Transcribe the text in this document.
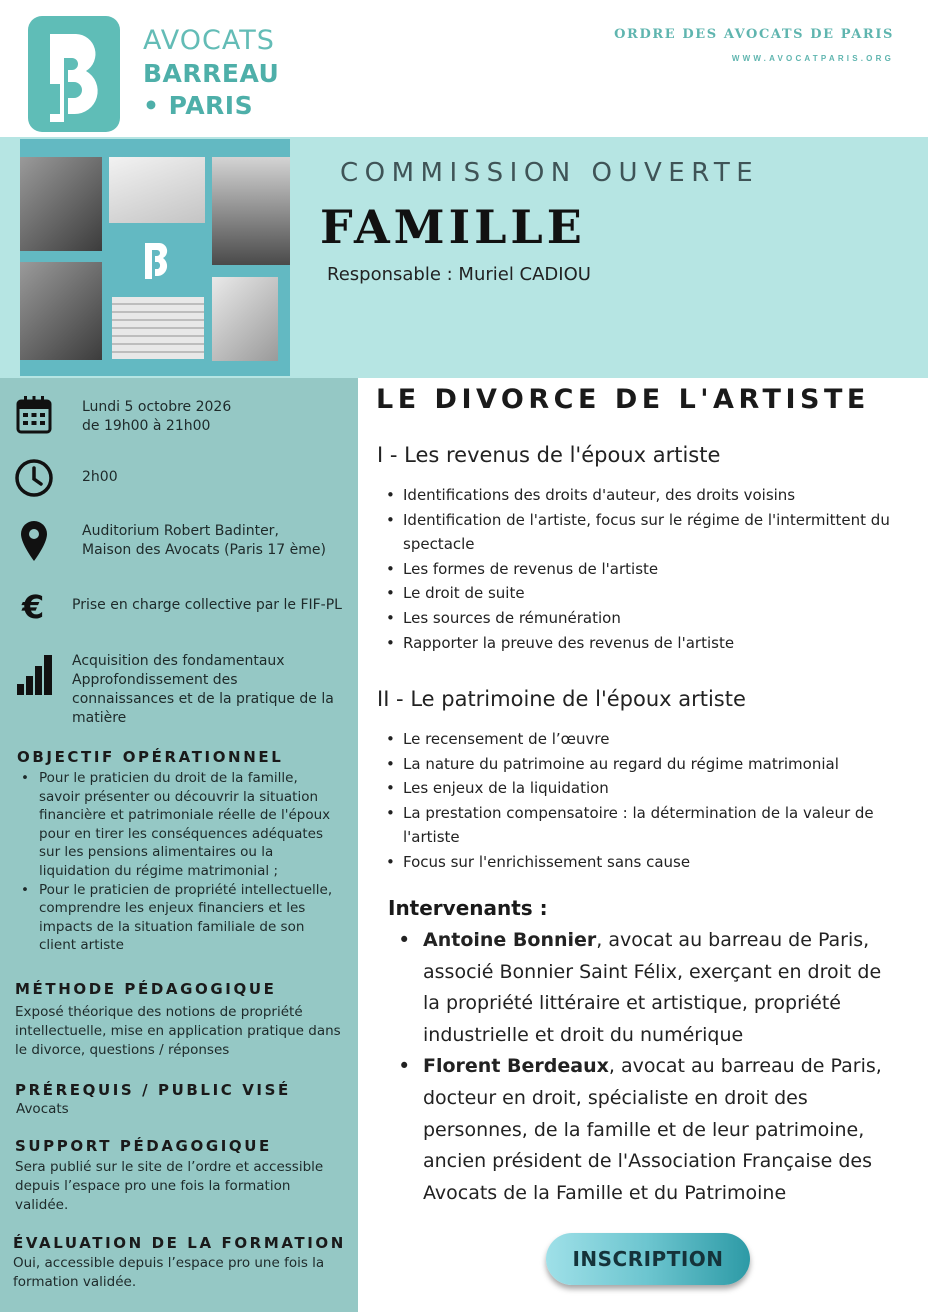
AVOCATS
BARREAU
• PARIS
ORDRE DES AVOCATS DE PARIS
WWW.AVOCATPARIS.ORG
COMMISSION OUVERTE
FAMILLE
Responsable : Muriel CADIOU
Lundi 5 octobre 2026
de 19h00 à 21h00
2h00
Auditorium Robert Badinter,
Maison des Avocats (Paris 17 ème)
€ Prise en charge collective par le FIF-PL
Acquisition des fondamentaux
Approfondissement des
connaissances et de la pratique de la
matière
OBJECTIF OPÉRATIONNEL
• Pour le praticien du droit de la famille, savoir présenter ou découvrir la situation financière et patrimoniale réelle de l'époux pour en tirer les conséquences adéquates sur les pensions alimentaires ou la liquidation du régime matrimonial ;
• Pour le praticien de propriété intellectuelle, comprendre les enjeux financiers et les impacts de la situation familiale de son client artiste
MÉTHODE PÉDAGOGIQUE
Exposé théorique des notions de propriété
intellectuelle, mise en application pratique dans
le divorce, questions / réponses
PRÉREQUIS / PUBLIC VISÉ
Avocats
SUPPORT PÉDAGOGIQUE
Sera publié sur le site de l’ordre et accessible
depuis l’espace pro une fois la formation
validée.
ÉVALUATION DE LA FORMATION
Oui, accessible depuis l’espace pro une fois la
formation validée.
LE DIVORCE DE L'ARTISTE
I - Les revenus de l'époux artiste
• Identifications des droits d'auteur, des droits voisins
• Identification de l'artiste, focus sur le régime de l'intermittent du spectacle
• Les formes de revenus de l'artiste
• Le droit de suite
• Les sources de rémunération
• Rapporter la preuve des revenus de l'artiste
II - Le patrimoine de l'époux artiste
• Le recensement de l’œuvre
• La nature du patrimoine au regard du régime matrimonial
• Les enjeux de la liquidation
• La prestation compensatoire : la détermination de la valeur de l'artiste
• Focus sur l'enrichissement sans cause
Intervenants :
• Antoine Bonnier, avocat au barreau de Paris, associé Bonnier Saint Félix, exerçant en droit de la propriété littéraire et artistique, propriété industrielle et droit du numérique
• Florent Berdeaux, avocat au barreau de Paris, docteur en droit, spécialiste en droit des personnes, de la famille et de leur patrimoine, ancien président de l'Association Française des Avocats de la Famille et du Patrimoine
INSCRIPTION
